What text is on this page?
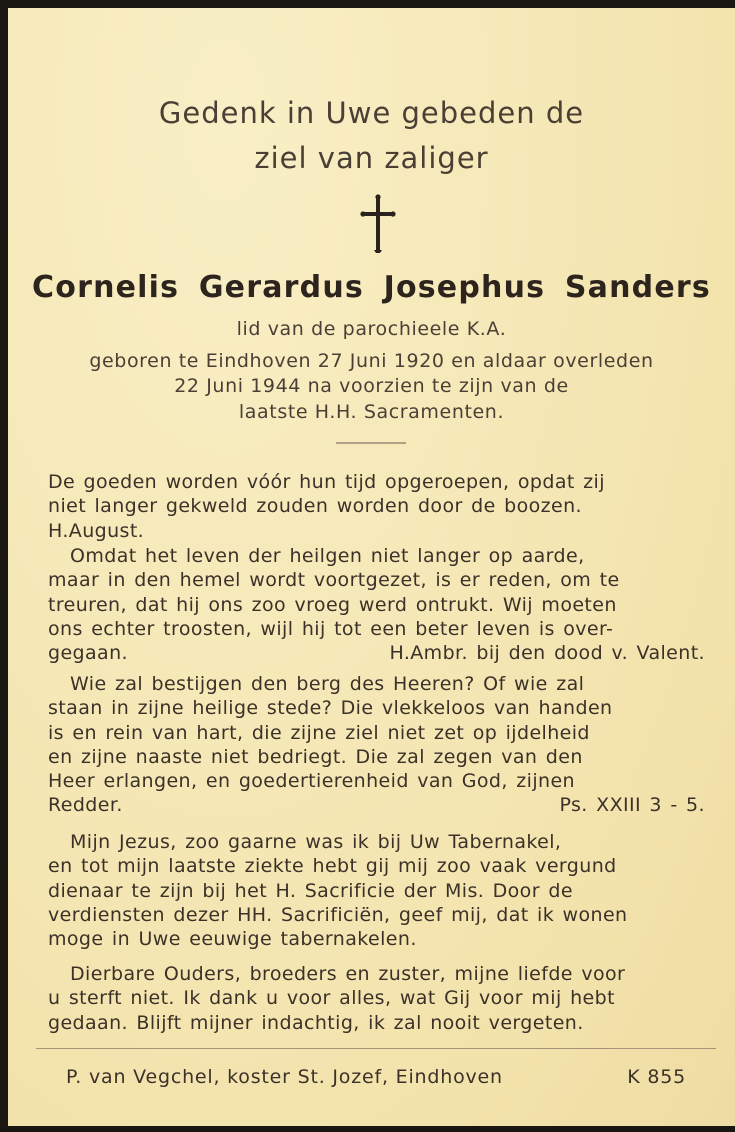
Gedenk in Uwe gebeden de
ziel van zaliger
Cornelis Gerardus Josephus Sanders
lid van de parochieele K.A.
geboren te Eindhoven 27 Juni 1920 en aldaar overleden
22 Juni 1944 na voorzien te zijn van de
laatste H.H. Sacramenten.
De goeden worden vóór hun tijd opgeroepen, opdat zij
niet langer gekweld zouden worden door de boozen.
H.August.
Omdat het leven der heilgen niet langer op aarde,
maar in den hemel wordt voortgezet, is er reden, om te
treuren, dat hij ons zoo vroeg werd ontrukt. Wij moeten
ons echter troosten, wijl hij tot een beter leven is over-
gegaan.	H.Ambr. bij den dood v. Valent.
Wie zal bestijgen den berg des Heeren? Of wie zal
staan in zijne heilige stede? Die vlekkeloos van handen
is en rein van hart, die zijne ziel niet zet op ijdelheid
en zijne naaste niet bedriegt. Die zal zegen van den
Heer erlangen, en goedertierenheid van God, zijnen
Redder.	Ps. XXIII 3 - 5.
Mijn Jezus, zoo gaarne was ik bij Uw Tabernakel,
en tot mijn laatste ziekte hebt gij mij zoo vaak vergund
dienaar te zijn bij het H. Sacrificie der Mis. Door de
verdiensten dezer HH. Sacrificiën, geef mij, dat ik wonen
moge in Uwe eeuwige tabernakelen.
Dierbare Ouders, broeders en zuster, mijne liefde voor
u sterft niet. Ik dank u voor alles, wat Gij voor mij hebt
gedaan. Blijft mijner indachtig, ik zal nooit vergeten.
P. van Vegchel, koster St. Jozef, Eindhoven	K 855
